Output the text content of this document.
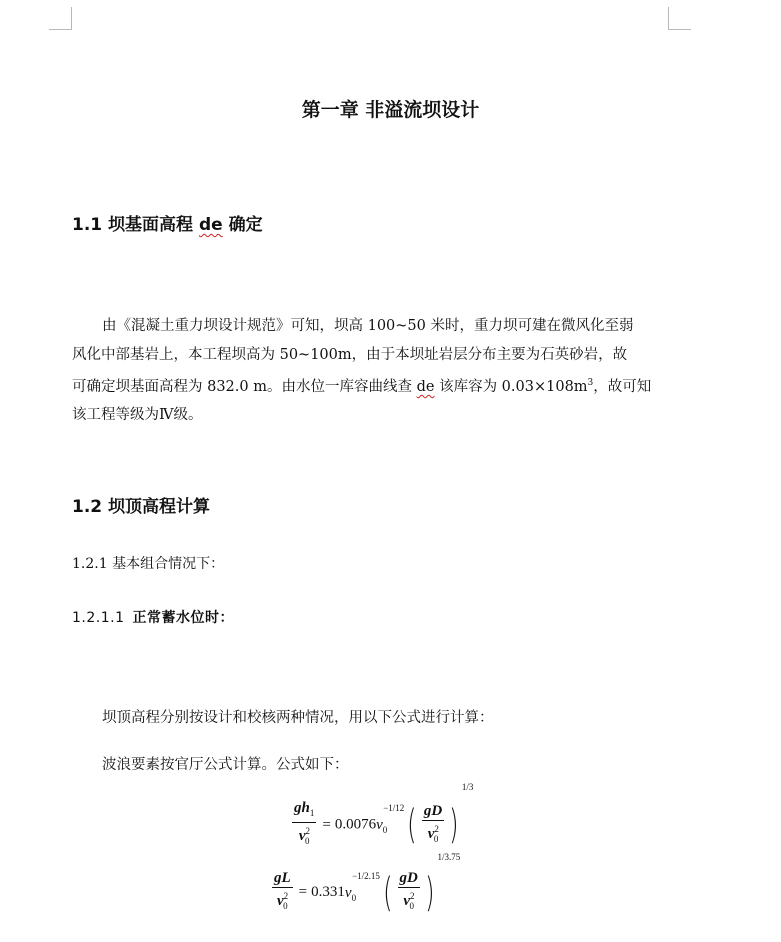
第一章 非溢流坝设计
1.1 坝基面高程 de 确定
由《混凝土重力坝设计规范》可知，坝高 100~50 米时，重力坝可建在微风化至弱
风化中部基岩上，本工程坝高为 50~100m，由于本坝址岩层分布主要为石英砂岩，故
可确定坝基面高程为 832.0 m。由水位一库容曲线查 de 该库容为 $0.03\times 108m^3$，故可知
该工程等级为Ⅳ级。
1.2 坝顶高程计算
1.2.1 基本组合情况下：
1.2.1.1 正常蓄水位时：
坝顶高程分别按设计和校核两种情况，用以下公式进行计算：
波浪要素按官厅公式计算。公式如下：
$\frac{gh_1}{v^2_0} = 0.0076v_0^{-1/12}( \frac{gD}{v^2_0} )^{1/3}$
$\frac{gL}{v^2_0} = 0.331v_0^{-1/2.15}( \frac{gD}{v^2_0} )^{1/3.75}$
